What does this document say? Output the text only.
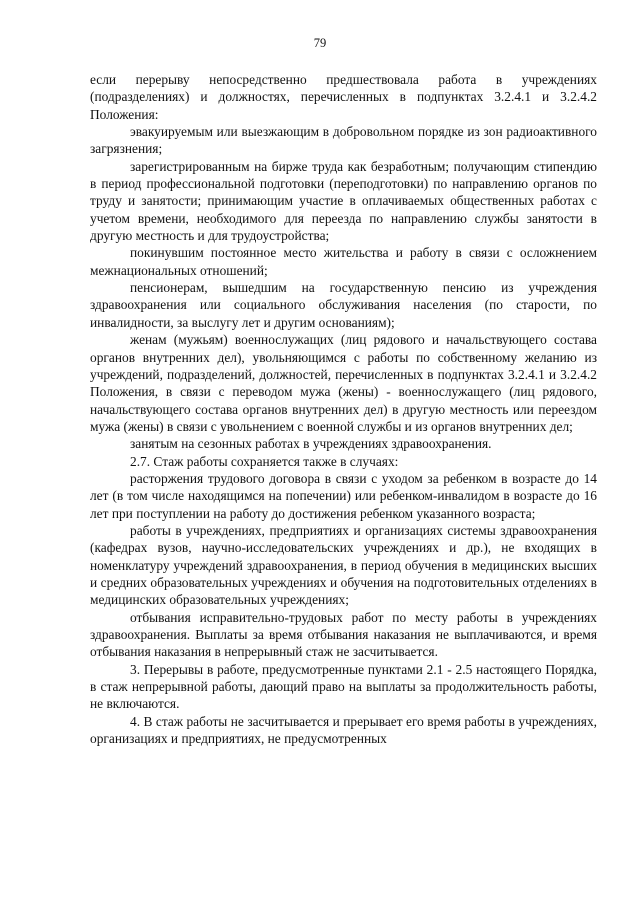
79

если перерыву непосредственно предшествовала работа в учреждениях (подразделениях) и должностях, перечисленных в подпунктах 3.2.4.1 и 3.2.4.2 Положения:

эвакуируемым или выезжающим в добровольном порядке из зон радиоактивного загрязнения;

зарегистрированным на бирже труда как безработным; получающим стипендию в период профессиональной подготовки (переподготовки) по направлению органов по труду и занятости; принимающим участие в оплачиваемых общественных работах с учетом времени, необходимого для переезда по направлению службы занятости в другую местность и для трудоустройства;

покинувшим постоянное место жительства и работу в связи с осложнением межнациональных отношений;

пенсионерам, вышедшим на государственную пенсию из учреждения здравоохранения или социального обслуживания населения (по старости, по инвалидности, за выслугу лет и другим основаниям);

женам (мужьям) военнослужащих (лиц рядового и начальствующего состава органов внутренних дел), увольняющимся с работы по собственному желанию из учреждений, подразделений, должностей, перечисленных в подпунктах 3.2.4.1 и 3.2.4.2 Положения, в связи с переводом мужа (жены) - военнослужащего (лиц рядового, начальствующего состава органов внутренних дел) в другую местность или переездом мужа (жены) в связи с увольнением с военной службы и из органов внутренних дел;

занятым на сезонных работах в учреждениях здравоохранения.

2.7. Стаж работы сохраняется также в случаях:

расторжения трудового договора в связи с уходом за ребенком в возрасте до 14 лет (в том числе находящимся на попечении) или ребенком-инвалидом в возрасте до 16 лет при поступлении на работу до достижения ребенком указанного возраста;

работы в учреждениях, предприятиях и организациях системы здравоохранения (кафедрах вузов, научно-исследовательских учреждениях и др.), не входящих в номенклатуру учреждений здравоохранения, в период обучения в медицинских высших и средних образовательных учреждениях и обучения на подготовительных отделениях в медицинских образовательных учреждениях;

отбывания исправительно-трудовых работ по месту работы в учреждениях здравоохранения. Выплаты за время отбывания наказания не выплачиваются, и время отбывания наказания в непрерывный стаж не засчитывается.

3. Перерывы в работе, предусмотренные пунктами 2.1 - 2.5 настоящего Порядка, в стаж непрерывной работы, дающий право на выплаты за продолжительность работы, не включаются.

4. В стаж работы не засчитывается и прерывает его время работы в учреждениях, организациях и предприятиях, не предусмотренных
